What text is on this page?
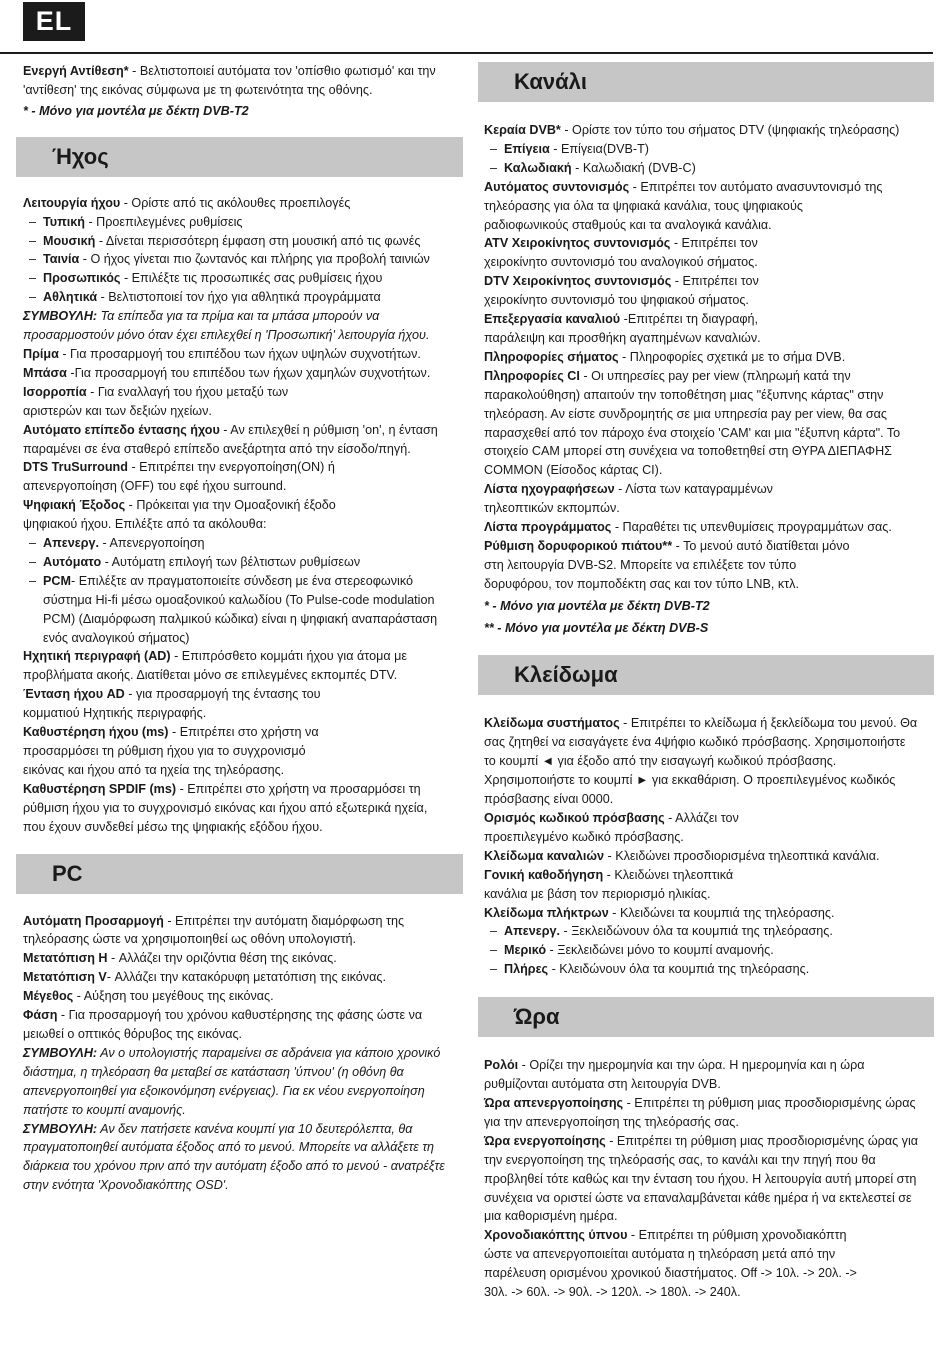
EL

Ενεργή Αντίθεση* - Βελτιστοποιεί αυτόματα τον 'οπίσθιο φωτισμό' και την 'αντίθεση' της εικόνας σύμφωνα με τη φωτεινότητα της οθόνης.

* - Μόνο για μοντέλα με δέκτη DVB-T2

Ήχος

Λειτουργία ήχου - Ορίστε από τις ακόλουθες προεπιλογές

– Τυπική - Προεπιλεγμένες ρυθμίσεις

– Μουσική - Δίνεται περισσότερη έμφαση στη μουσική από τις φωνές

– Ταινία - Ο ήχος γίνεται πιο ζωντανός και πλήρης για προβολή ταινιών

– Προσωπικός - Επιλέξτε τις προσωπικές σας ρυθμίσεις ήχου

– Αθλητικά - Βελτιστοποιεί τον ήχο για αθλητικά προγράμματα

ΣΥΜΒΟΥΛΗ: Τα επίπεδα για τα πρίμα και τα μπάσα μπορούν να προσαρμοστούν μόνο όταν έχει επιλεχθεί η 'Προσωπική' λειτουργία ήχου.

Πρίμα - Για προσαρμογή του επιπέδου των ήχων υψηλών συχνοτήτων.

Μπάσα -Για προσαρμογή του επιπέδου των ήχων χαμηλών συχνοτήτων.

Ισορροπία - Για εναλλαγή του ήχου μεταξύ των αριστερών και των δεξιών ηχείων.

Αυτόματο επίπεδο έντασης ήχου - Αν επιλεχθεί η ρύθμιση 'on', η ένταση παραμένει σε ένα σταθερό επίπεδο ανεξάρτητα από την είσοδο/πηγή.

DTS TruSurround - Επιτρέπει την ενεργοποίηση(ON) ή απενεργοποίηση (OFF) του εφέ ήχου surround.

Ψηφιακή Έξοδος - Πρόκειται για την Ομοαξονική έξοδο ψηφιακού ήχου. Επιλέξτε από τα ακόλουθα:

– Απενεργ. - Απενεργοποίηση

– Αυτόματο - Αυτόματη επιλογή των βέλτιστων ρυθμίσεων

– PCM- Επιλέξτε αν πραγματοποιείτε σύνδεση με ένα στερεοφωνικό σύστημα Hi-fi μέσω ομοαξονικού καλωδίου (Το Pulse-code modulation PCM) (Διαμόρφωση παλμικού κώδικα) είναι η ψηφιακή αναπαράσταση ενός αναλογικού σήματος)

Ηχητική περιγραφή (AD) - Επιπρόσθετο κομμάτι ήχου για άτομα με προβλήματα ακοής. Διατίθεται μόνο σε επιλεγμένες εκπομπές DTV.

Ένταση ήχου AD - για προσαρμογή της έντασης του κομματιού Ηχητικής περιγραφής.

Καθυστέρηση ήχου (ms) - Επιτρέπει στο χρήστη να προσαρμόσει τη ρύθμιση ήχου για το συγχρονισμό εικόνας και ήχου από τα ηχεία της τηλεόρασης.

Καθυστέρηση SPDIF (ms) - Επιτρέπει στο χρήστη να προσαρμόσει τη ρύθμιση ήχου για το συγχρονισμό εικόνας και ήχου από εξωτερικά ηχεία, που έχουν συνδεθεί μέσω της ψηφιακής εξόδου ήχου.

PC

Αυτόματη Προσαρμογή - Επιτρέπει την αυτόματη διαμόρφωση της τηλεόρασης ώστε να χρησιμοποιηθεί ως οθόνη υπολογιστή.

Μετατόπιση H - Αλλάζει την οριζόντια θέση της εικόνας.

Μετατόπιση V- Αλλάζει την κατακόρυφη μετατόπιση της εικόνας.

Μέγεθος - Αύξηση του μεγέθους της εικόνας.

Φάση - Για προσαρμογή του χρόνου καθυστέρησης της φάσης ώστε να μειωθεί ο οπτικός θόρυβος της εικόνας.

ΣΥΜΒΟΥΛΗ: Αν ο υπολογιστής παραμείνει σε αδράνεια για κάποιο χρονικό διάστημα, η τηλεόραση θα μεταβεί σε κατάσταση 'ύπνου' (η οθόνη θα απενεργοποιηθεί για εξοικονόμηση ενέργειας). Για εκ νέου ενεργοποίηση πατήστε το κουμπί αναμονής.

ΣΥΜΒΟΥΛΗ: Αν δεν πατήσετε κανένα κουμπί για 10 δευτερόλεπτα, θα πραγματοποιηθεί αυτόματα έξοδος από το μενού. Μπορείτε να αλλάξετε τη διάρκεια του χρόνου πριν από την αυτόματη έξοδο από το μενού - ανατρέξτε στην ενότητα 'Χρονοδιακόπτης OSD'.

Κανάλι

Κεραία DVB* - Ορίστε τον τύπο του σήματος DTV (ψηφιακής τηλεόρασης)

– Επίγεια - Επίγεια(DVB-T)

– Καλωδιακή - Καλωδιακή (DVB-C)

Αυτόματος συντονισμός - Επιτρέπει τον αυτόματο ανασυντονισμό της τηλεόρασης για όλα τα ψηφιακά κανάλια, τους ψηφιακούς ραδιοφωνικούς σταθμούς και τα αναλογικά κανάλια.

ATV Χειροκίνητος συντονισμός - Επιτρέπει τον χειροκίνητο συντονισμό του αναλογικού σήματος.

DTV Χειροκίνητος συντονισμός - Επιτρέπει τον χειροκίνητο συντονισμό του ψηφιακού σήματος.

Επεξεργασία καναλιού -Επιτρέπει τη διαγραφή, παράλειψη και προσθήκη αγαπημένων καναλιών.

Πληροφορίες σήματος - Πληροφορίες σχετικά με το σήμα DVB.

Πληροφορίες CI - Οι υπηρεσίες pay per view (πληρωμή κατά την παρακολούθηση) απαιτούν την τοποθέτηση μιας "έξυπνης κάρτας" στην τηλεόραση. Αν είστε συνδρομητής σε μια υπηρεσία pay per view, θα σας παρασχεθεί από τον πάροχο ένα στοιχείο 'CAM' και μια "έξυπνη κάρτα". Το στοιχείο CAM μπορεί στη συνέχεια να τοποθετηθεί στη ΘΥΡΑ ΔΙΕΠΑΦΗΣ COMMON (Είσοδος κάρτας CI).

Λίστα ηχογραφήσεων - Λίστα των καταγραμμένων τηλεοπτικών εκπομπών.

Λίστα προγράμματος - Παραθέτει τις υπενθυμίσεις προγραμμάτων σας.

Ρύθμιση δορυφορικού πιάτου** - Το μενού αυτό διατίθεται μόνο στη λειτουργία DVB-S2. Μπορείτε να επιλέξετε τον τύπο δορυφόρου, τον πομποδέκτη σας και τον τύπο LNB, κτλ.

* - Μόνο για μοντέλα με δέκτη DVB-T2

** - Μόνο για μοντέλα με δέκτη DVB-S

Κλείδωμα

Κλείδωμα συστήματος - Επιτρέπει το κλείδωμα ή ξεκλείδωμα του μενού. Θα σας ζητηθεί να εισαγάγετε ένα 4ψήφιο κωδικό πρόσβασης. Χρησιμοποιήστε το κουμπί ◄ για έξοδο από την εισαγωγή κωδικού πρόσβασης. Χρησιμοποιήστε το κουμπί ► για εκκαθάριση. Ο προεπιλεγμένος κωδικός πρόσβασης είναι 0000.

Ορισμός κωδικού πρόσβασης - Αλλάζει τον προεπιλεγμένο κωδικό πρόσβασης.

Κλείδωμα καναλιών - Κλειδώνει προσδιορισμένα τηλεοπτικά κανάλια.

Γονική καθοδήγηση - Κλειδώνει τηλεοπτικά κανάλια με βάση τον περιορισμό ηλικίας.

Κλείδωμα πλήκτρων - Κλειδώνει τα κουμπιά της τηλεόρασης.

– Απενεργ. - Ξεκλειδώνουν όλα τα κουμπιά της τηλεόρασης.

– Μερικό - Ξεκλειδώνει μόνο το κουμπί αναμονής.

– Πλήρες - Κλειδώνουν όλα τα κουμπιά της τηλεόρασης.

Ώρα

Ρολόι - Ορίζει την ημερομηνία και την ώρα. Η ημερομηνία και η ώρα ρυθμίζονται αυτόματα στη λειτουργία DVB.

Ώρα απενεργοποίησης - Επιτρέπει τη ρύθμιση μιας προσδιορισμένης ώρας για την απενεργοποίηση της τηλεόρασής σας.

Ώρα ενεργοποίησης - Επιτρέπει τη ρύθμιση μιας προσδιορισμένης ώρας για την ενεργοποίηση της τηλεόρασής σας, το κανάλι και την πηγή που θα προβληθεί τότε καθώς και την ένταση του ήχου. Η λειτουργία αυτή μπορεί στη συνέχεια να οριστεί ώστε να επαναλαμβάνεται κάθε ημέρα ή να εκτελεστεί σε μια καθορισμένη ημέρα.

Χρονοδιακόπτης ύπνου - Επιτρέπει τη ρύθμιση χρονοδιακόπτη ώστε να απενεργοποιείται αυτόματα η τηλεόραση μετά από την παρέλευση ορισμένου χρονικού διαστήματος. Off -> 10λ. -> 20λ. -> 30λ. -> 60λ. -> 90λ. -> 120λ. -> 180λ. -> 240λ.
